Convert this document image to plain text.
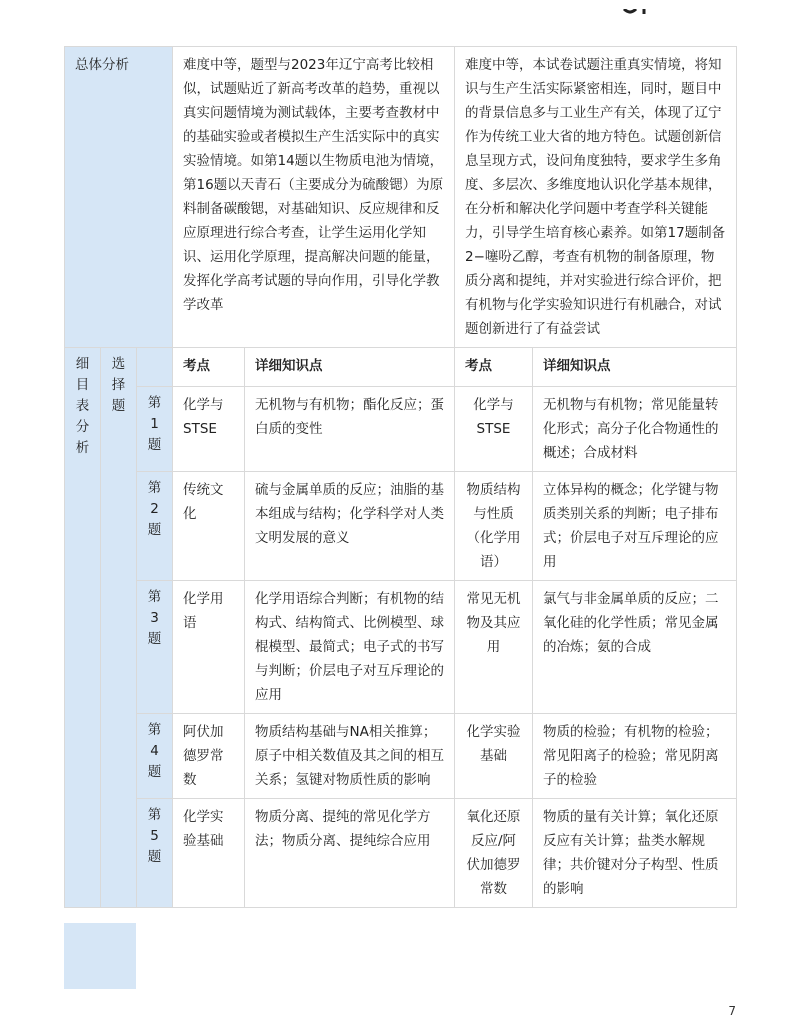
总体分析			难度中等，题型与2023年辽宁高考比较相似，试题贴近了新高考改革的趋势，重视以真实问题情境为测试载体，主要考查教材中的基础实验或者模拟生产生活实际中的真实实验情境。如第14题以生物质电池为情境，第16题以天青石（主要成分为硫酸锶）为原料制备碳酸锶，对基础知识、反应规律和反应原理进行综合考查，让学生运用化学知识、运用化学原理，提高解决问题的能量，发挥化学高考试题的导向作用，引导化学教学改革		难度中等，本试卷试题注重真实情境，将知识与生产生活实际紧密相连，同时，题目中的背景信息多与工业生产有关，体现了辽宁作为传统工业大省的地方特色。试题创新信息呈现方式，设问角度独特，要求学生多角度、多层次、多维度地认识化学基本规律，在分析和解决化学问题中考查学科关键能力，引导学生培育核心素养。如第17题制备2−噻吩乙醇，考查有机物的制备原理，物质分离和提纯，并对实验进行综合评价，把有机物与化学实验知识进行有机融合，对试题创新进行了有益尝试	

细
目
表
分
析	选
择
题		考点	详细知识点	考点	详细知识点

		第
1
题	化学与STSE	无机物与有机物；酯化反应；蛋白质的变性	化学与STSE	无机物与有机物；常见能量转化形式；高分子化合物通性的概述；合成材料

		第
2
题	传统文化	硫与金属单质的反应；油脂的基本组成与结构；化学科学对人类文明发展的意义	物质结构与性质（化学用语）	立体异构的概念；化学键与物质类别关系的判断；电子排布式；价层电子对互斥理论的应用

		第
3
题	化学用语	化学用语综合判断；有机物的结构式、结构简式、比例模型、球棍模型、最简式；电子式的书写与判断；价层电子对互斥理论的应用	常见无机物及其应用	氯气与非金属单质的反应；二氧化硅的化学性质；常见金属的冶炼；氨的合成

		第
4
题	阿伏加德罗常数	物质结构基础与NA相关推算；原子中相关数值及其之间的相互关系；氢键对物质性质的影响	化学实验基础	物质的检验；有机物的检验；常见阳离子的检验；常见阴离子的检验

		第
5
题	化学实验基础	物质分离、提纯的常见化学方法；物质分离、提纯综合应用	氧化还原反应/阿伏加德罗常数	物质的量有关计算；氧化还原反应有关计算；盐类水解规律；共价键对分子构型、性质的影响
7
